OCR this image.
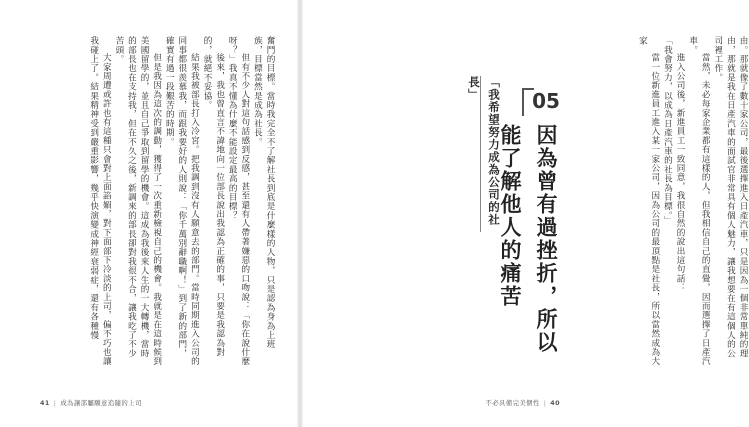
奮鬥的目標。當時我完全不了解社長到底是什麼樣的人物，只是認為身為上班族，目標當然是成為社長。

但有不少人對這句話感到反感，甚至還有人帶著嫌惡的口吻說：「你在說什麼呀？」我真不懂為什麼不能設定最高的目標？

後來，我也曾直言不諱地向一位部長說出我認為正確的事，只要是我認為對的，就絕不妥協。

結果我被部長打入冷宮。把我調到沒有人願意去的部門。當時同期進入公司的同事都很羨慕我，而跟我要好的人則說：「你千萬別辭職啊！」到了新的部門，確實有過一段艱苦的時期。

但是我因為這次的調動，獲得了一次重新檢視自己的機會。我就是在這時候到美國留學的，並且自己爭取到留學的機會。這成為我後來人生的一大轉機，當時的部長也在支持我，但在不久之後，新調來的部長卻對我很不合，讓我吃了不少苦頭。

大家周遭或許也有這種只會對上面諂媚，對下面部下冷淡的上司，偏不巧也讓我碰上了。結果精神受到嚴重影響，幾乎快演變成神經衰弱症，還有各種慢

41 | 成為讓部屬願意追隨的上司

由。那就像了數十家公司，最後選擇進入日產汽車，只是因為一個非常單純的理由，那就是我在日產汽車的面試官非常具有個人魅力，讓我想要在有這個人的公司裡工作。

當然，未必每家企業都有這樣的人，但我相信自己的直覺，因而選擇了日產汽車。

進入公司後，新進員工一致同意，我很自然的說出這句話：

「我會努力，以成為日產汽車的社長為目標。」

當一位新進員工進入某一家公司，因為公司的最頂點是社長，所以當然成為大家

不必具備完美個性 | 40
「我希望努力成為公司的社長」	05
因為曾有過挫折，所以能了解他人的痛苦
